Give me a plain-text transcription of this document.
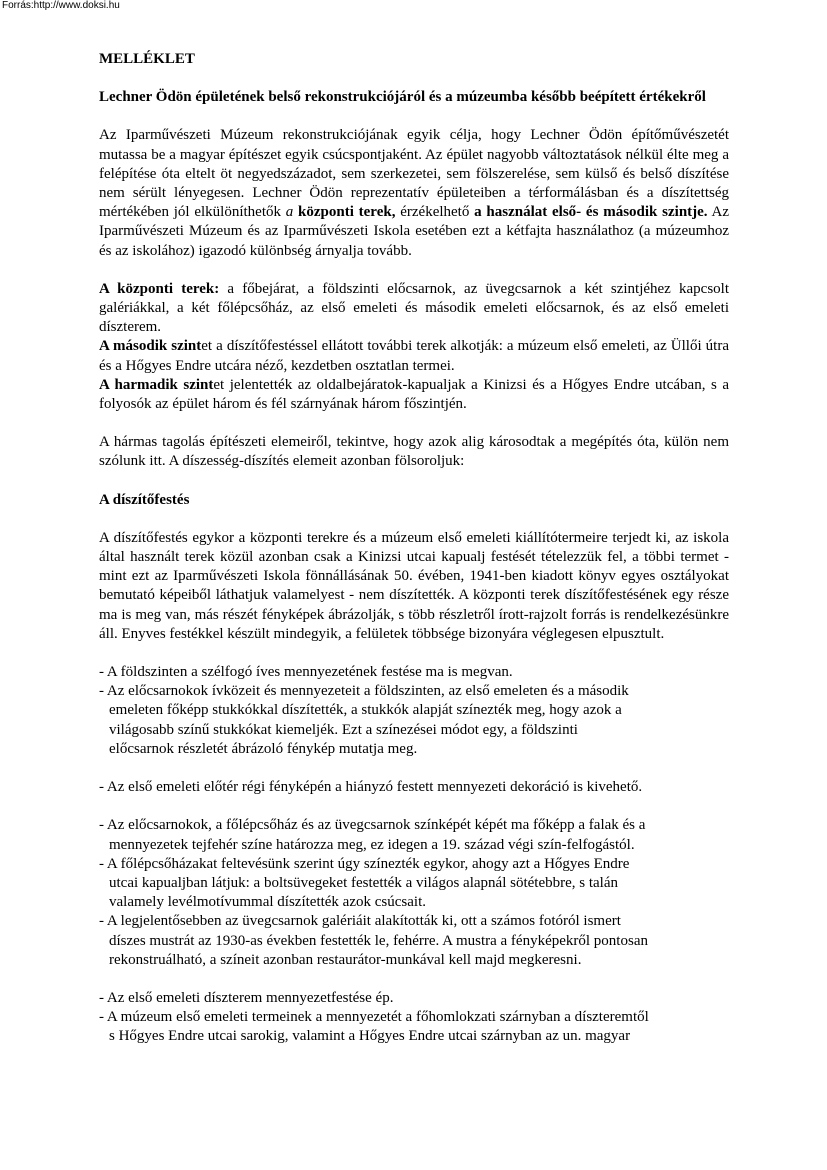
Forrás:http://www.doksi.hu

MELLÉKLET

Lechner Ödön épületének belső rekonstrukciójáról és a múzeumba később beépített értékekről

Az Iparművészeti Múzeum rekonstrukciójának egyik célja, hogy Lechner Ödön építőművészetét mutassa be a magyar építészet egyik csúcspontjaként. Az épület nagyobb változtatások nélkül élte meg a felépítése óta eltelt öt negyedszázadot, sem szerkezetei, sem fölszerelése, sem külső és belső díszítése nem sérült lényegesen. Lechner Ödön reprezentatív épületeiben a térformálásban és a díszítettség mértékében jól elkülöníthetők a központi terek, érzékelhető a használat első- és második szintje. Az Iparművészeti Múzeum és az Iparművészeti Iskola esetében ezt a kétfajta használathoz (a múzeumhoz és az iskolához) igazodó különbség árnyalja tovább.

A központi terek: a főbejárat, a földszinti előcsarnok, az üvegcsarnok a két szintjéhez kapcsolt galériákkal, a két főlépcsőház, az első emeleti és második emeleti előcsarnok, és az első emeleti díszterem.

A második szintet a díszítőfestéssel ellátott további terek alkotják: a múzeum első emeleti, az Üllői útra és a Hőgyes Endre utcára néző, kezdetben osztatlan termei.

A harmadik szintet jelentették az oldalbejáratok-kapualjak a Kinizsi és a Hőgyes Endre utcában, s a folyosók az épület három és fél szárnyának három főszintjén.

A hármas tagolás építészeti elemeiről, tekintve, hogy azok alig károsodtak a megépítés óta, külön nem szólunk itt. A díszesség-díszítés elemeit azonban fölsoroljuk:

A díszítőfestés

A díszítőfestés egykor a központi terekre és a múzeum első emeleti kiállítótermeire terjedt ki, az iskola által használt terek közül azonban csak a Kinizsi utcai kapualj festését tételezzük fel, a többi termet - mint ezt az Iparművészeti Iskola fönnállásának 50. évében, 1941-ben kiadott könyv egyes osztályokat bemutató képeiből láthatjuk valamelyest - nem díszítették. A központi terek díszítőfestésének egy része ma is meg van, más részét fényképek ábrázolják, s több részletről írott-rajzolt forrás is rendelkezésünkre áll. Enyves festékkel készült mindegyik, a felületek többsége bizonyára véglegesen elpusztult.

- A földszinten a szélfogó íves mennyezetének festése ma is megvan.

- Az előcsarnokok ívközeit és mennyezeteit a földszinten, az első emeleten és a második

emeleten főképp stukkókkal díszítették, a stukkók alapját színezték meg, hogy azok a

világosabb színű stukkókat kiemeljék. Ezt a színezései módot egy, a földszinti

előcsarnok részletét ábrázoló fénykép mutatja meg.

- Az első emeleti előtér régi fényképén a hiányzó festett mennyezeti dekoráció is kivehető.

- Az előcsarnokok, a főlépcsőház és az üvegcsarnok színképét képét ma főképp a falak és a

mennyezetek tejfehér színe határozza meg, ez idegen a 19. század végi szín-felfogástól.

- A főlépcsőházakat feltevésünk szerint úgy színezték egykor, ahogy azt a Hőgyes Endre

utcai kapualjban látjuk: a boltsüvegeket festették a világos alapnál sötétebbre, s talán

valamely levélmotívummal díszítették azok csúcsait.

- A legjelentősebben az üvegcsarnok galériáit alakították ki, ott a számos fotóról ismert

díszes mustrát az 1930-as években festették le, fehérre. A mustra a fényképekről pontosan

rekonstruálható, a színeit azonban restaurátor-munkával kell majd megkeresni.

- Az első emeleti díszterem mennyezetfestése ép.

- A múzeum első emeleti termeinek a mennyezetét a főhomlokzati szárnyban a díszteremtől

s Hőgyes Endre utcai sarokig, valamint a Hőgyes Endre utcai szárnyban az un. magyar
